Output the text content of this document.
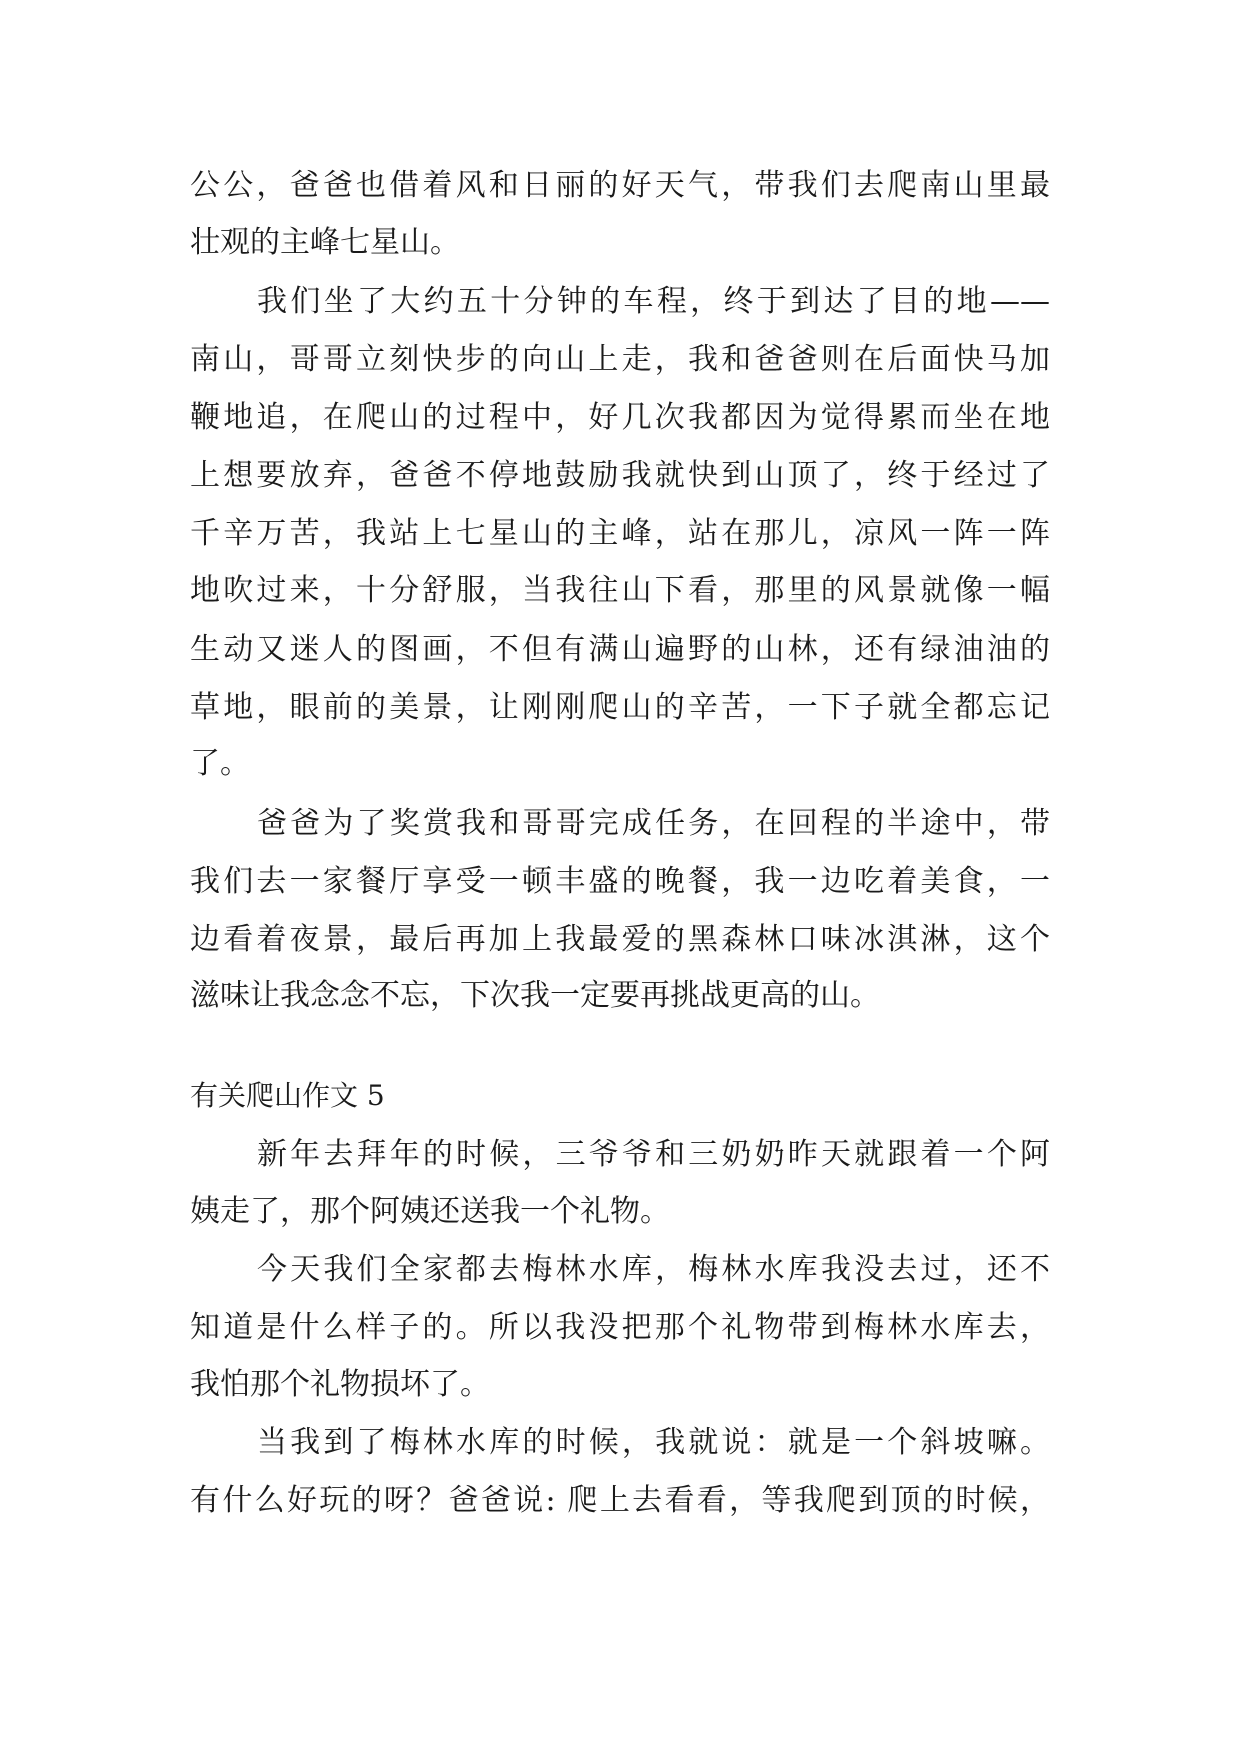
公公，爸爸也借着风和日丽的好天气，带我们去爬南山里最
壮观的主峰七星山。
我们坐了大约五十分钟的车程，终于到达了目的地——
南山，哥哥立刻快步的向山上走，我和爸爸则在后面快马加
鞭地追，在爬山的过程中，好几次我都因为觉得累而坐在地
上想要放弃，爸爸不停地鼓励我就快到山顶了，终于经过了
千辛万苦，我站上七星山的主峰，站在那儿，凉风一阵一阵
地吹过来，十分舒服，当我往山下看，那里的风景就像一幅
生动又迷人的图画，不但有满山遍野的山林，还有绿油油的
草地，眼前的美景，让刚刚爬山的辛苦，一下子就全都忘记
了。
爸爸为了奖赏我和哥哥完成任务，在回程的半途中，带
我们去一家餐厅享受一顿丰盛的晚餐，我一边吃着美食，一
边看着夜景，最后再加上我最爱的黑森林口味冰淇淋，这个
滋味让我念念不忘，下次我一定要再挑战更高的山。
有关爬山作文 5
新年去拜年的时候，三爷爷和三奶奶昨天就跟着一个阿
姨走了，那个阿姨还送我一个礼物。
今天我们全家都去梅林水库，梅林水库我没去过，还不
知道是什么样子的。所以我没把那个礼物带到梅林水库去，
我怕那个礼物损坏了。
当我到了梅林水库的时候，我就说：就是一个斜坡嘛。
有什么好玩的呀？爸爸说: 爬上去看看，等我爬到顶的时候，
